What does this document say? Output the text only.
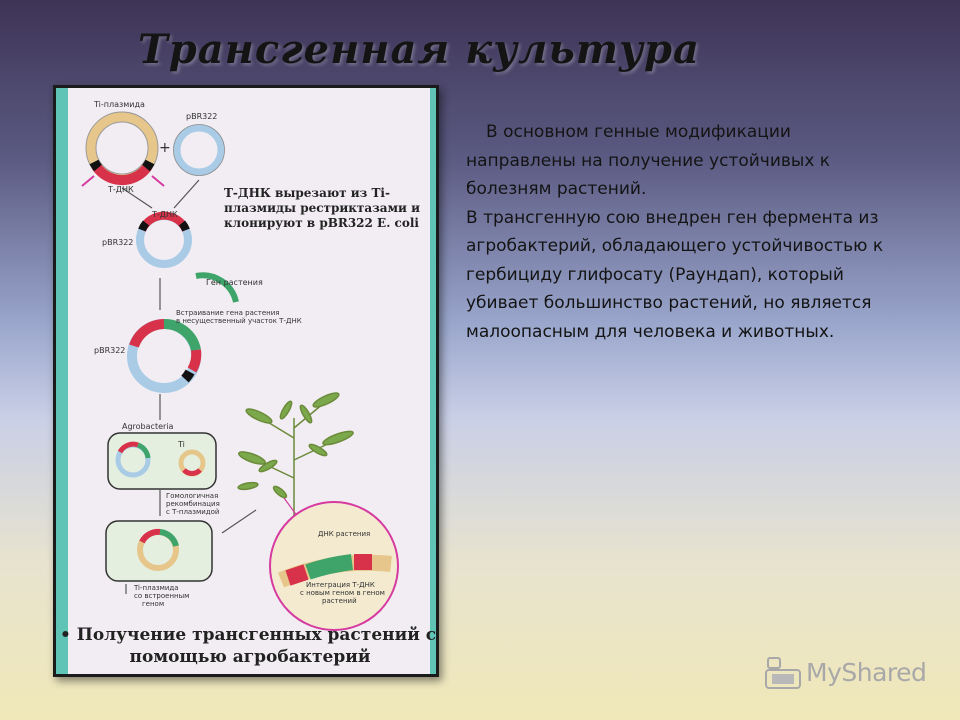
Трансгенная культура
+
Ti-плазмида
pBR322
Т-ДНК
Т-ДНК
pBR322
Ген растения
Встраивание гена растения
в несущественный участок Т-ДНК
pBR322
Agrobacteria
Ti
Гомологичная
рекомбинация
с Т-плазмидой
Ti-плазмида
со встроенным
геном
ДНК растения
Интеграция Т-ДНК
с новым геном в геном
растений
Т-ДНК вырезают из Ti-плазмиды рестриктазами и клонируют в pBR322 E. coli
• Получение трансгенных растений с
помощью агробактерий

В основном генные модификации направлены на получение устойчивых к болезням растений.

В трансгенную сою внедрен ген фермента из агробактерий, обладающего устойчивостью к гербициду глифосату (Раундап), который убивает большинство растений, но является малоопасным для человека и животных.

MyShared
